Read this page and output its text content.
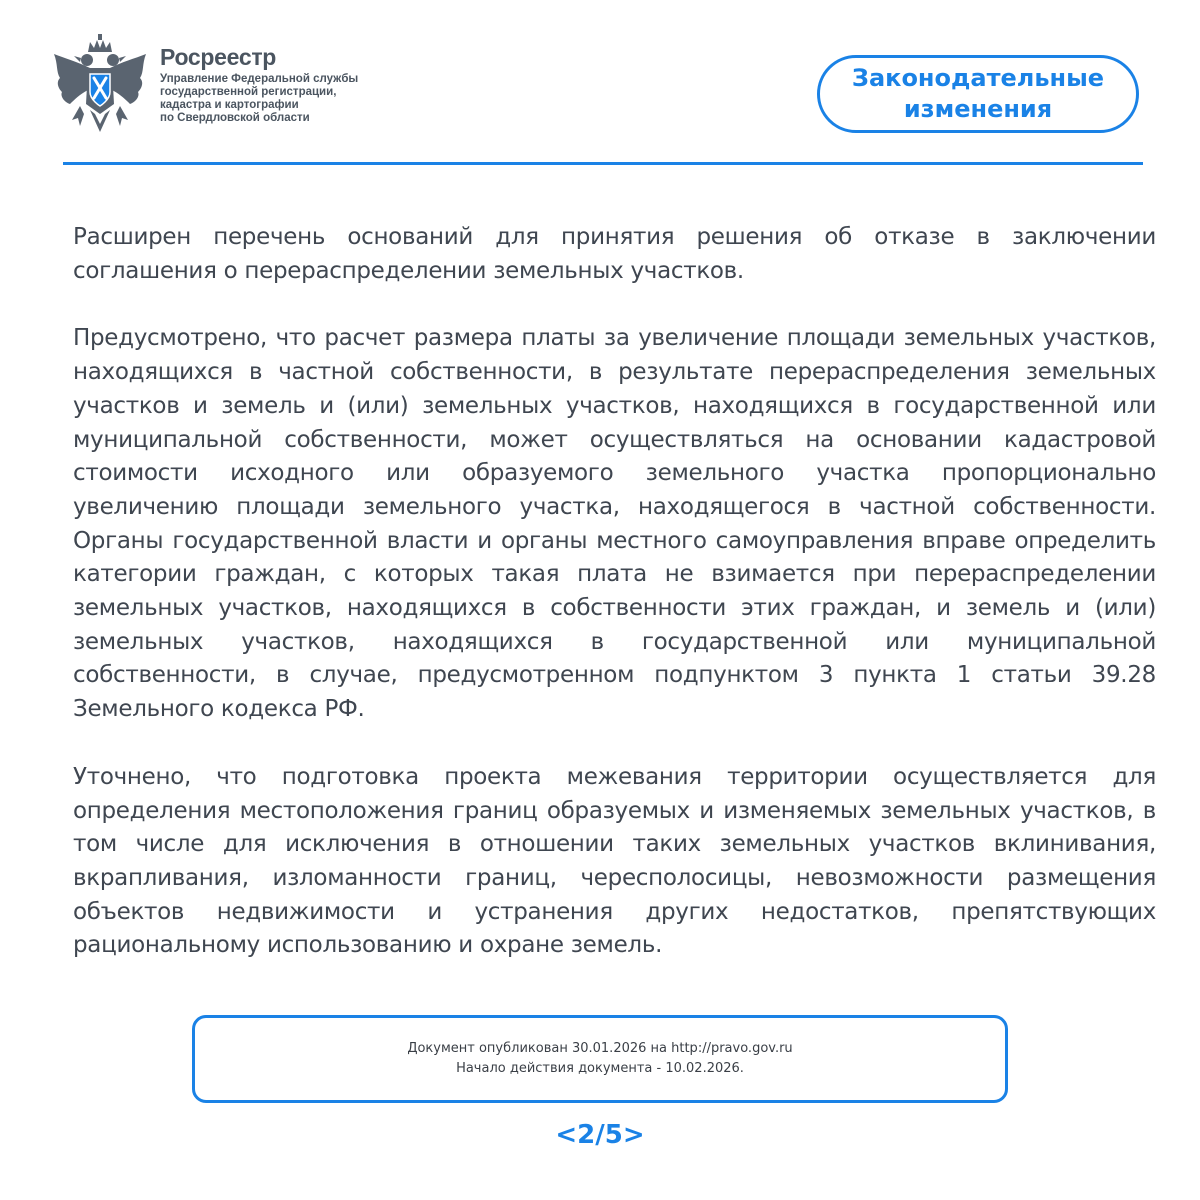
Росреестр
Управление Федеральной службы
государственной регистрации,
кадастра и картографии
по Свердловской области
Законодательные
изменения

Расширен перечень оснований для принятия решения об отказе в заключении соглашения о перераспределении земельных участков.

Предусмотрено, что расчет размера платы за увеличение площади земельных участков, находящихся в частной собственности, в результате перераспределения земельных участков и земель и (или) земельных участков, находящихся в государственной или муниципальной собственности, может осуществляться на основании кадастровой стоимости исходного или образуемого земельного участка пропорционально увеличению площади земельного участка, находящегося в частной собственности. Органы государственной власти и органы местного самоуправления вправе определить категории граждан, с которых такая плата не взимается при перераспределении земельных участков, находящихся в собственности этих граждан, и земель и (или) земельных участков, находящихся в государственной или муниципальной собственности, в случае, предусмотренном подпунктом 3 пункта 1 статьи 39.28 Земельного кодекса РФ.

Уточнено, что подготовка проекта межевания территории осуществляется для определения местоположения границ образуемых и изменяемых земельных участков, в том числе для исключения в отношении таких земельных участков вклинивания, вкрапливания, изломанности границ, чересполосицы, невозможности размещения объектов недвижимости и устранения других недостатков, препятствующих рациональному использованию и охране земель.

Документ опубликован 30.01.2026 на http://pravo.gov.ru
Начало действия документа - 10.02.2026.
<2/5>
